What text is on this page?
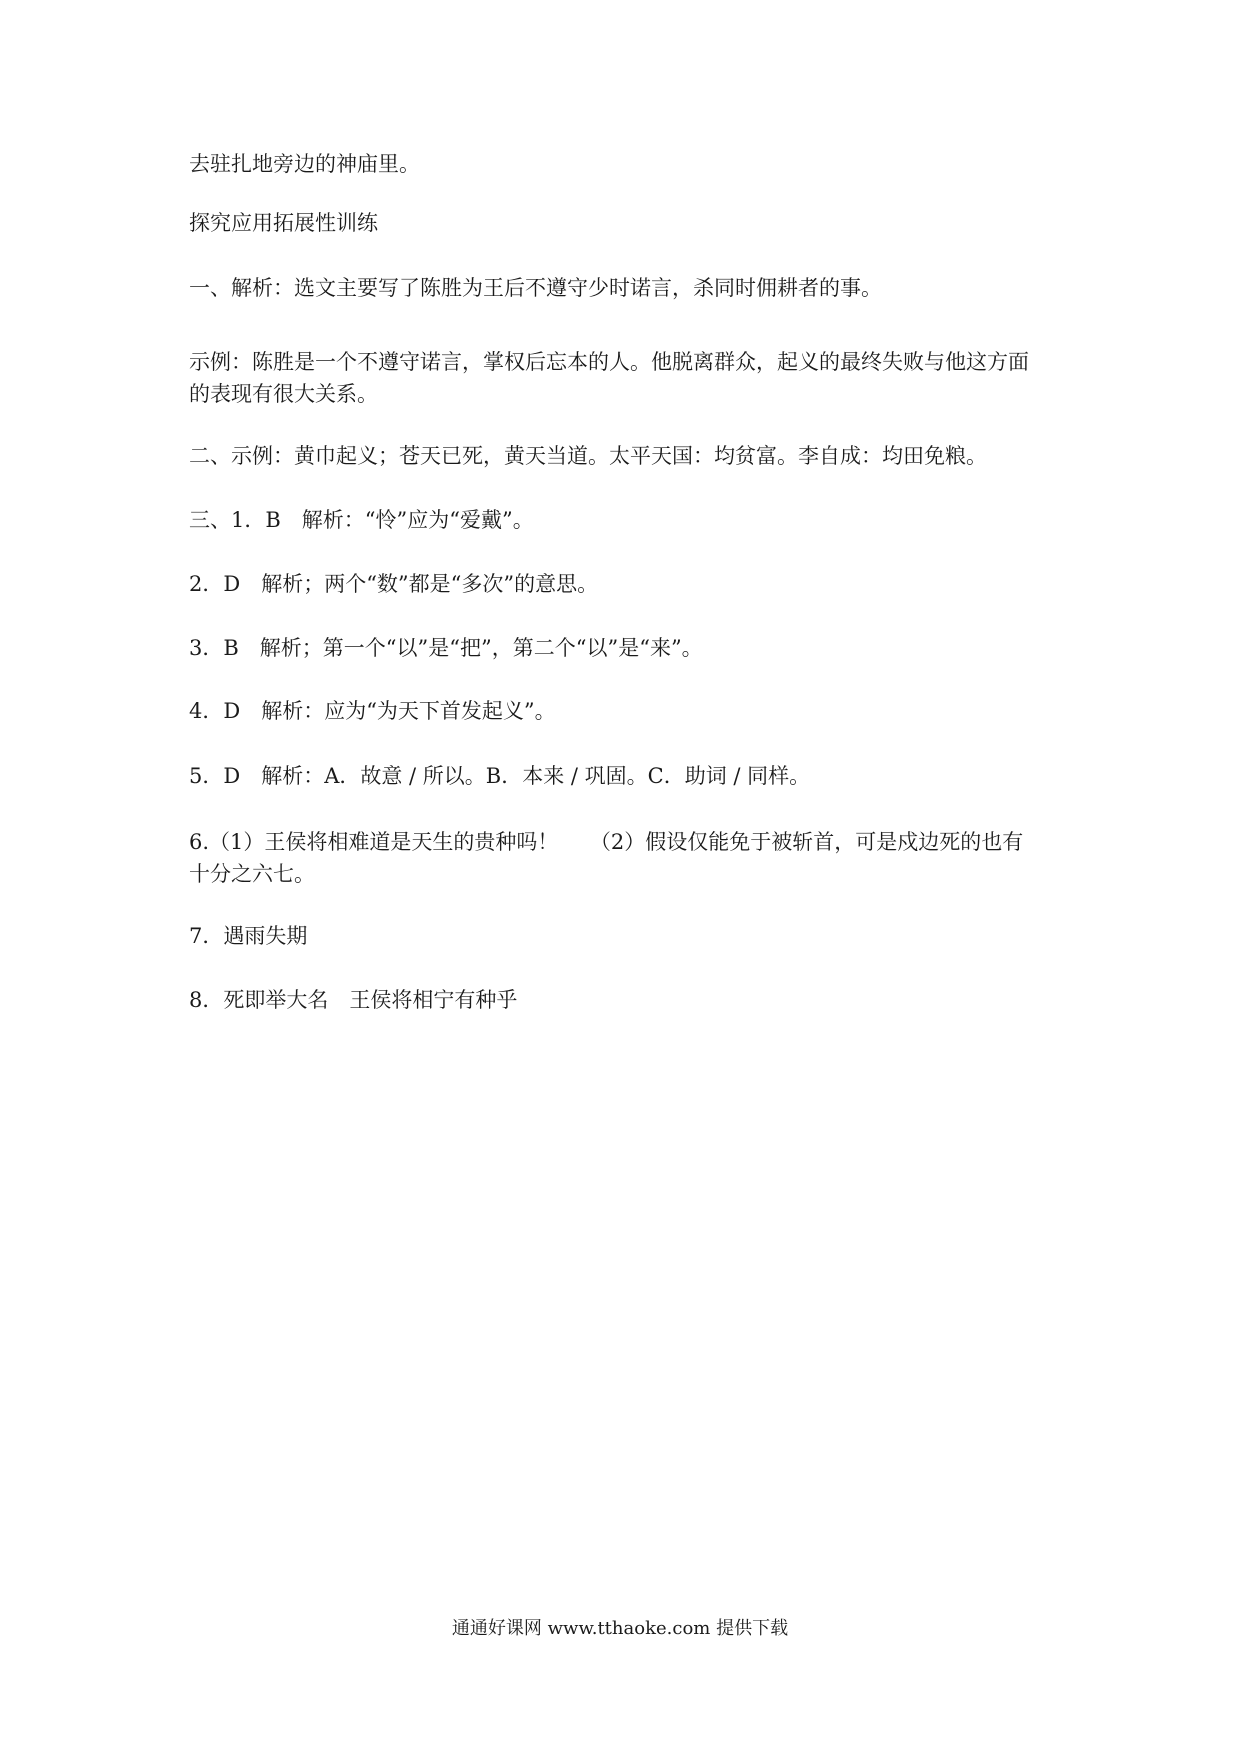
去驻扎地旁边的神庙里。
探究应用拓展性训练
一、解析：选文主要写了陈胜为王后不遵守少时诺言，杀同时佣耕者的事。
示例：陈胜是一个不遵守诺言，掌权后忘本的人。他脱离群众，起义的最终失败与他这方面
的表现有很大关系。
二、示例：黄巾起义；苍天已死，黄天当道。太平天国：均贫富。李自成：均田免粮。
三、1．B　解析：“怜”应为“爱戴”。
2．D　解析；两个“数”都是“多次”的意思。
3．B　解析；第一个“以”是“把”，第二个“以”是“来”。
4．D　解析：应为“为天下首发起义”。
5．D　解析：A．故意 / 所以。B．本来 / 巩固。C．助词 / 同样。
6.（1）王侯将相难道是天生的贵种吗！　　（2）假设仅能免于被斩首，可是戍边死的也有
十分之六七。
7．遇雨失期
8．死即举大名　王侯将相宁有种乎
通通好课网 www.tthaoke.com 提供下载
